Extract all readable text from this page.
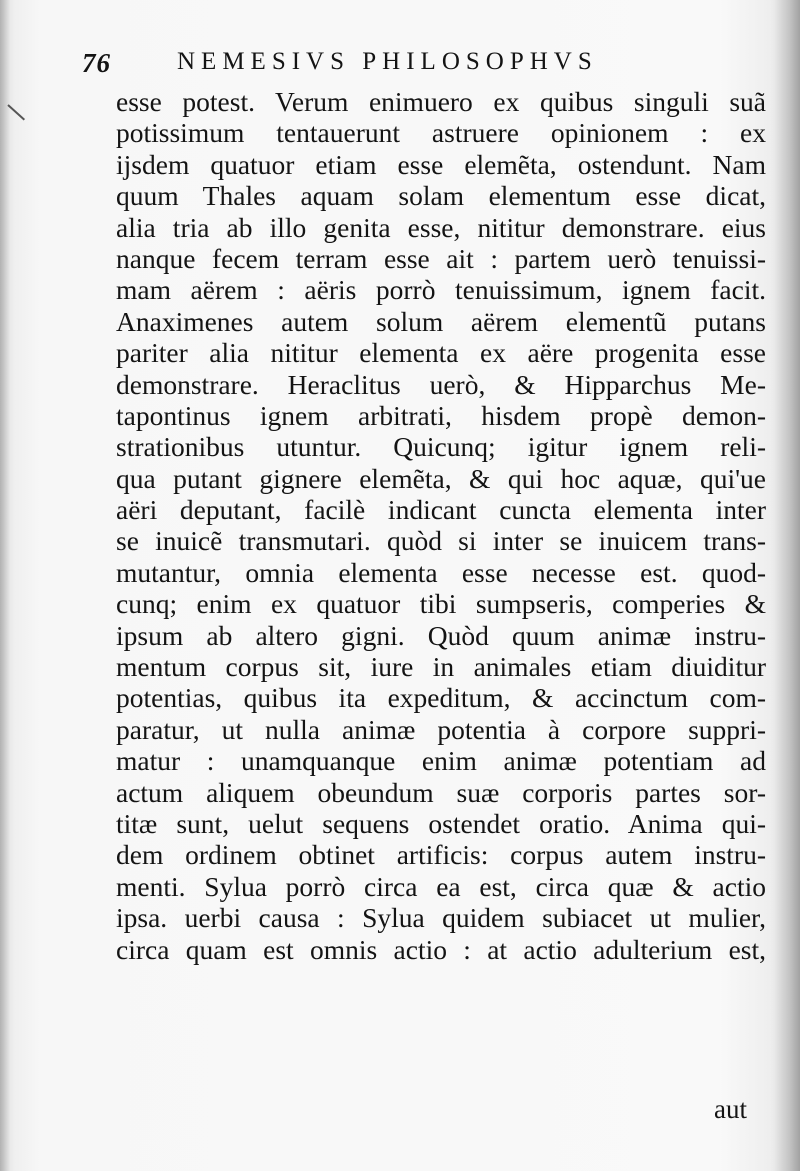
76	NEMESIVS PHILOSOPHVS
esse potest. Verum enimuero ex quibus singuli suã
potissimum tentauerunt astruere opinionem : ex
ijsdem quatuor etiam esse elemẽta, ostendunt. Nam
quum Thales aquam solam elementum esse dicat,
alia tria ab illo genita esse, nititur demonstrare. eius
nanque fecem terram esse ait : partem uerò tenuissi-
mam aërem : aëris porrò tenuissimum, ignem facit.
Anaximenes autem solum aërem elementũ putans
pariter alia nititur elementa ex aëre progenita esse
demonstrare. Heraclitus uerò, & Hipparchus Me-
tapontinus ignem arbitrati, hisdem propè demon-
strationibus utuntur. Quicunq; igitur ignem reli-
qua putant gignere elemẽta, & qui hoc aquæ, qui'ue
aëri deputant, facilè indicant cuncta elementa inter
se inuicẽ transmutari. quòd si inter se inuicem trans-
mutantur, omnia elementa esse necesse est. quod-
cunq; enim ex quatuor tibi sumpseris, comperies &
ipsum ab altero gigni. Quòd quum animæ instru-
mentum corpus sit, iure in animales etiam diuiditur
potentias, quibus ita expeditum, & accinctum com-
paratur, ut nulla animæ potentia à corpore suppri-
matur : unamquanque enim animæ potentiam ad
actum aliquem obeundum suæ corporis partes sor-
titæ sunt, uelut sequens ostendet oratio. Anima qui-
dem ordinem obtinet artificis: corpus autem instru-
menti. Sylua porrò circa ea est, circa quæ & actio
ipsa. uerbi causa : Sylua quidem subiacet ut mulier,
circa quam est omnis actio : at actio adulterium est,
aut
